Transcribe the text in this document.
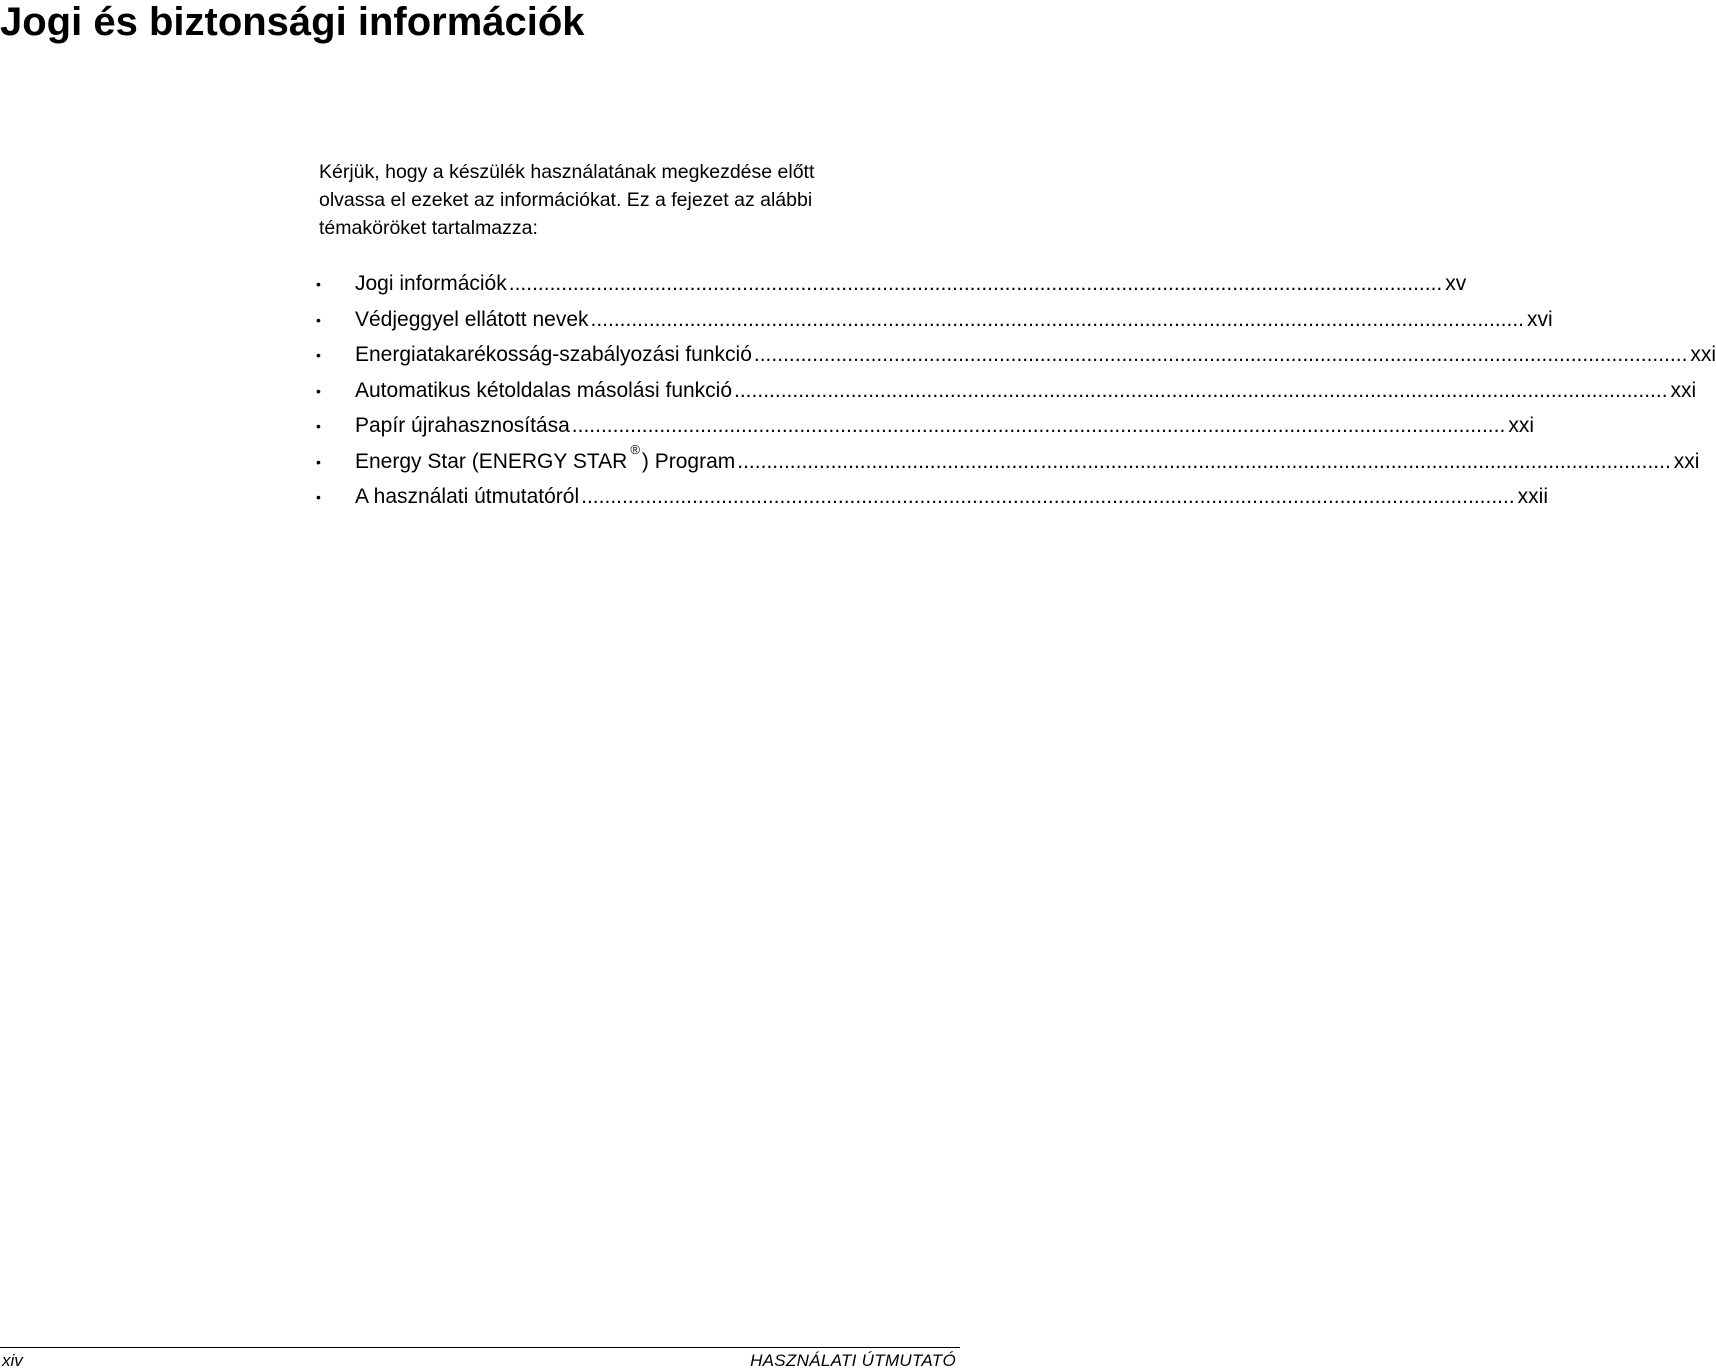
Jogi és biztonsági információk
Kérjük, hogy a készülék használatának megkezdése előtt
olvassa el ezeket az információkat. Ez a fejezet az alábbi
témaköröket tartalmazza:
• Jogi információk ................................................................................................................................................................ xv
• Védjeggyel ellátott nevek ................................................................................................................................................................ xvi
• Energiatakarékosság-szabályozási funkció ................................................................................................................................................................ xxi
• Automatikus kétoldalas másolási funkció ................................................................................................................................................................ xxi
• Papír újrahasznosítása ................................................................................................................................................................ xxi
• Energy Star (ENERGY STAR®) Program ................................................................................................................................................................ xxi
• A használati útmutatóról ................................................................................................................................................................ xxii
xiv	HASZNÁLATI ÚTMUTATÓ
